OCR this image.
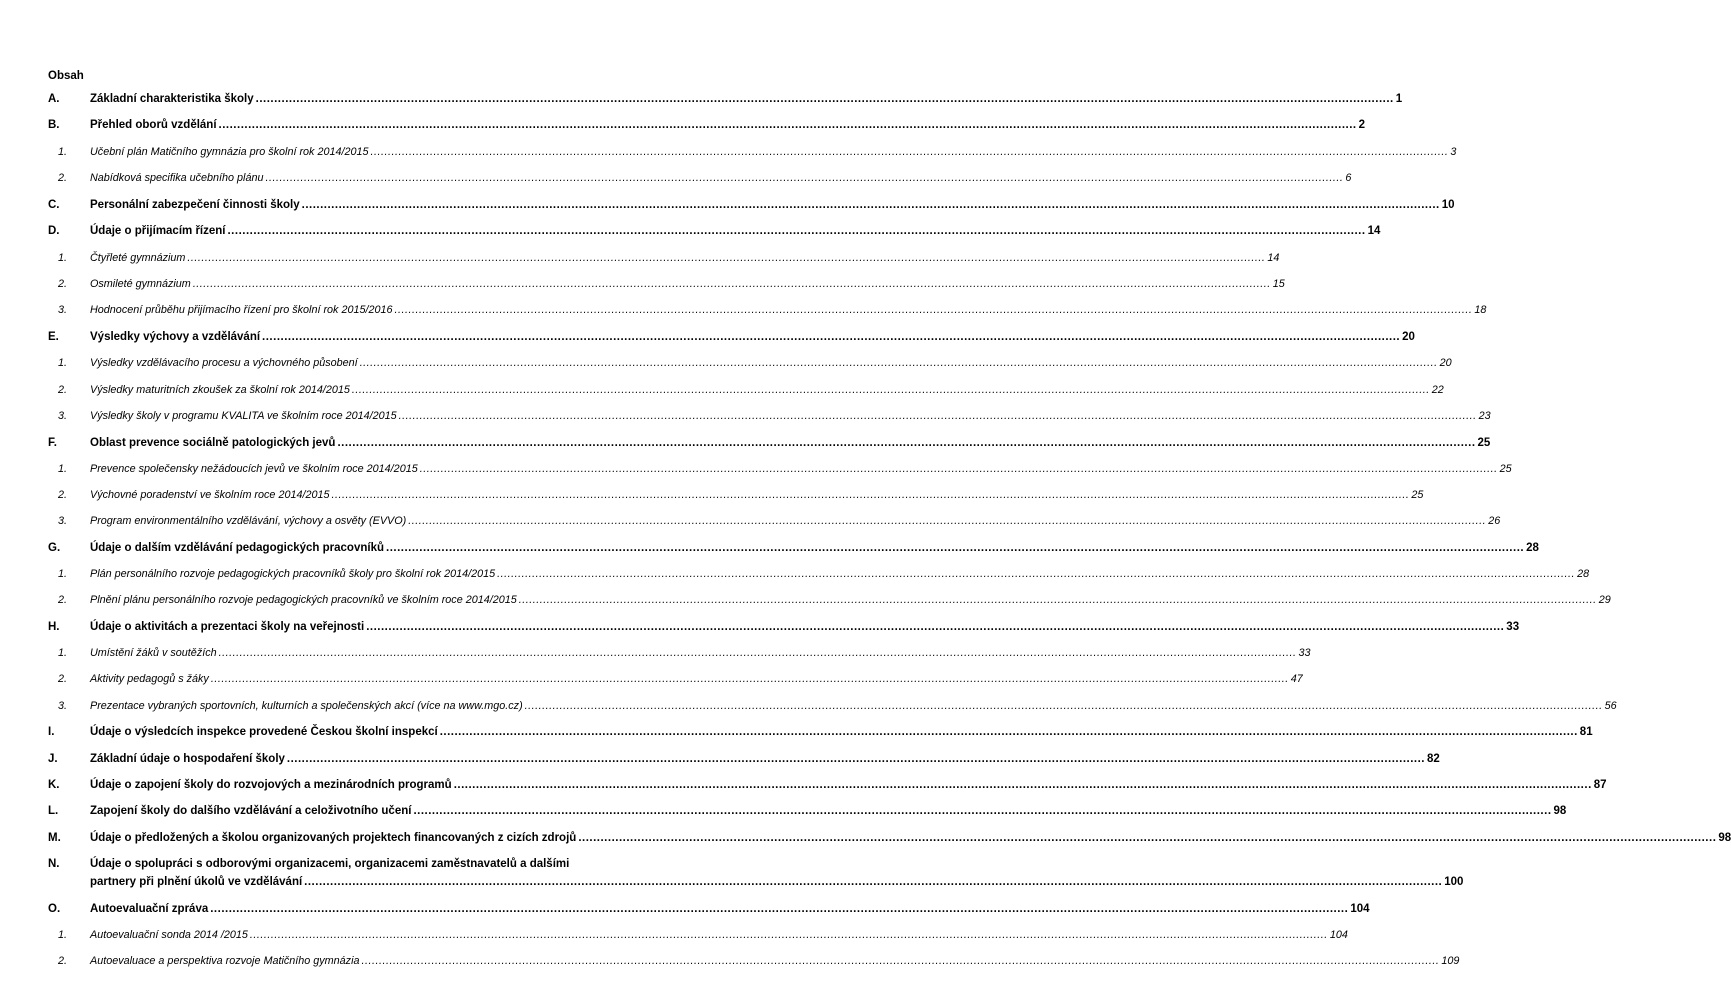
Obsah
A.	Základní charakteristika školy .....	1
B.	Přehled oborů vzdělání .....	2
1.	Učební plán Matičního gymnázia pro školní rok 2014/2015 .....	3
2.	Nabídková specifika učebního plánu .....	6
C.	Personální zabezpečení činnosti školy .....	10
D.	Údaje o přijímacím řízení .....	14
1.	Čtyřleté gymnázium .....	14
2.	Osmileté gymnázium .....	15
3.	Hodnocení průběhu přijímacího řízení pro školní rok 2015/2016 .....	18
E.	Výsledky výchovy a vzdělávání .....	20
1.	Výsledky vzdělávacího procesu a výchovného působení .....	20
2.	Výsledky maturitních zkoušek za školní rok 2014/2015 .....	22
3.	Výsledky školy v programu KVALITA ve školním roce 2014/2015 .....	23
F.	Oblast prevence sociálně patologických jevů .....	25
1.	Prevence společensky nežádoucích jevů ve školním roce 2014/2015 .....	25
2.	Výchovné poradenství ve školním roce 2014/2015 .....	25
3.	Program environmentálního vzdělávání, výchovy a osvěty (EVVO) .....	26
G.	Údaje o dalším vzdělávání pedagogických pracovníků .....	28
1.	Plán personálního rozvoje pedagogických pracovníků školy pro školní rok 2014/2015 .....	28
2.	Plnění plánu personálního rozvoje pedagogických pracovníků ve školním roce 2014/2015 .....	29
H.	Údaje o aktivitách a prezentaci školy na veřejnosti .....	33
1.	Umístění žáků v soutěžích .....	33
2.	Aktivity pedagogů s žáky .....	47
3.	Prezentace vybraných sportovních, kulturních a společenských akcí (více na www.mgo.cz) .....	56
I.	Údaje o výsledcích inspekce provedené Českou školní inspekcí .....	81
J.	Základní údaje o hospodaření školy .....	82
K.	Údaje o zapojení školy do rozvojových a mezinárodních programů .....	87
L.	Zapojení školy do dalšího vzdělávání a celoživotního učení .....	98
M.	Údaje o předložených a školou organizovaných projektech financovaných z cizích zdrojů .....	98
N.	Údaje o spolupráci s odborovými organizacemi, organizacemi zaměstnavatelů a dalšími
partnery při plnění úkolů ve vzdělávání .....	100
O.	Autoevaluační zpráva .....	104
1.	Autoevaluační sonda 2014 /2015 .....	104
2.	Autoevaluace a perspektiva rozvoje Matičního gymnázia .....	109
